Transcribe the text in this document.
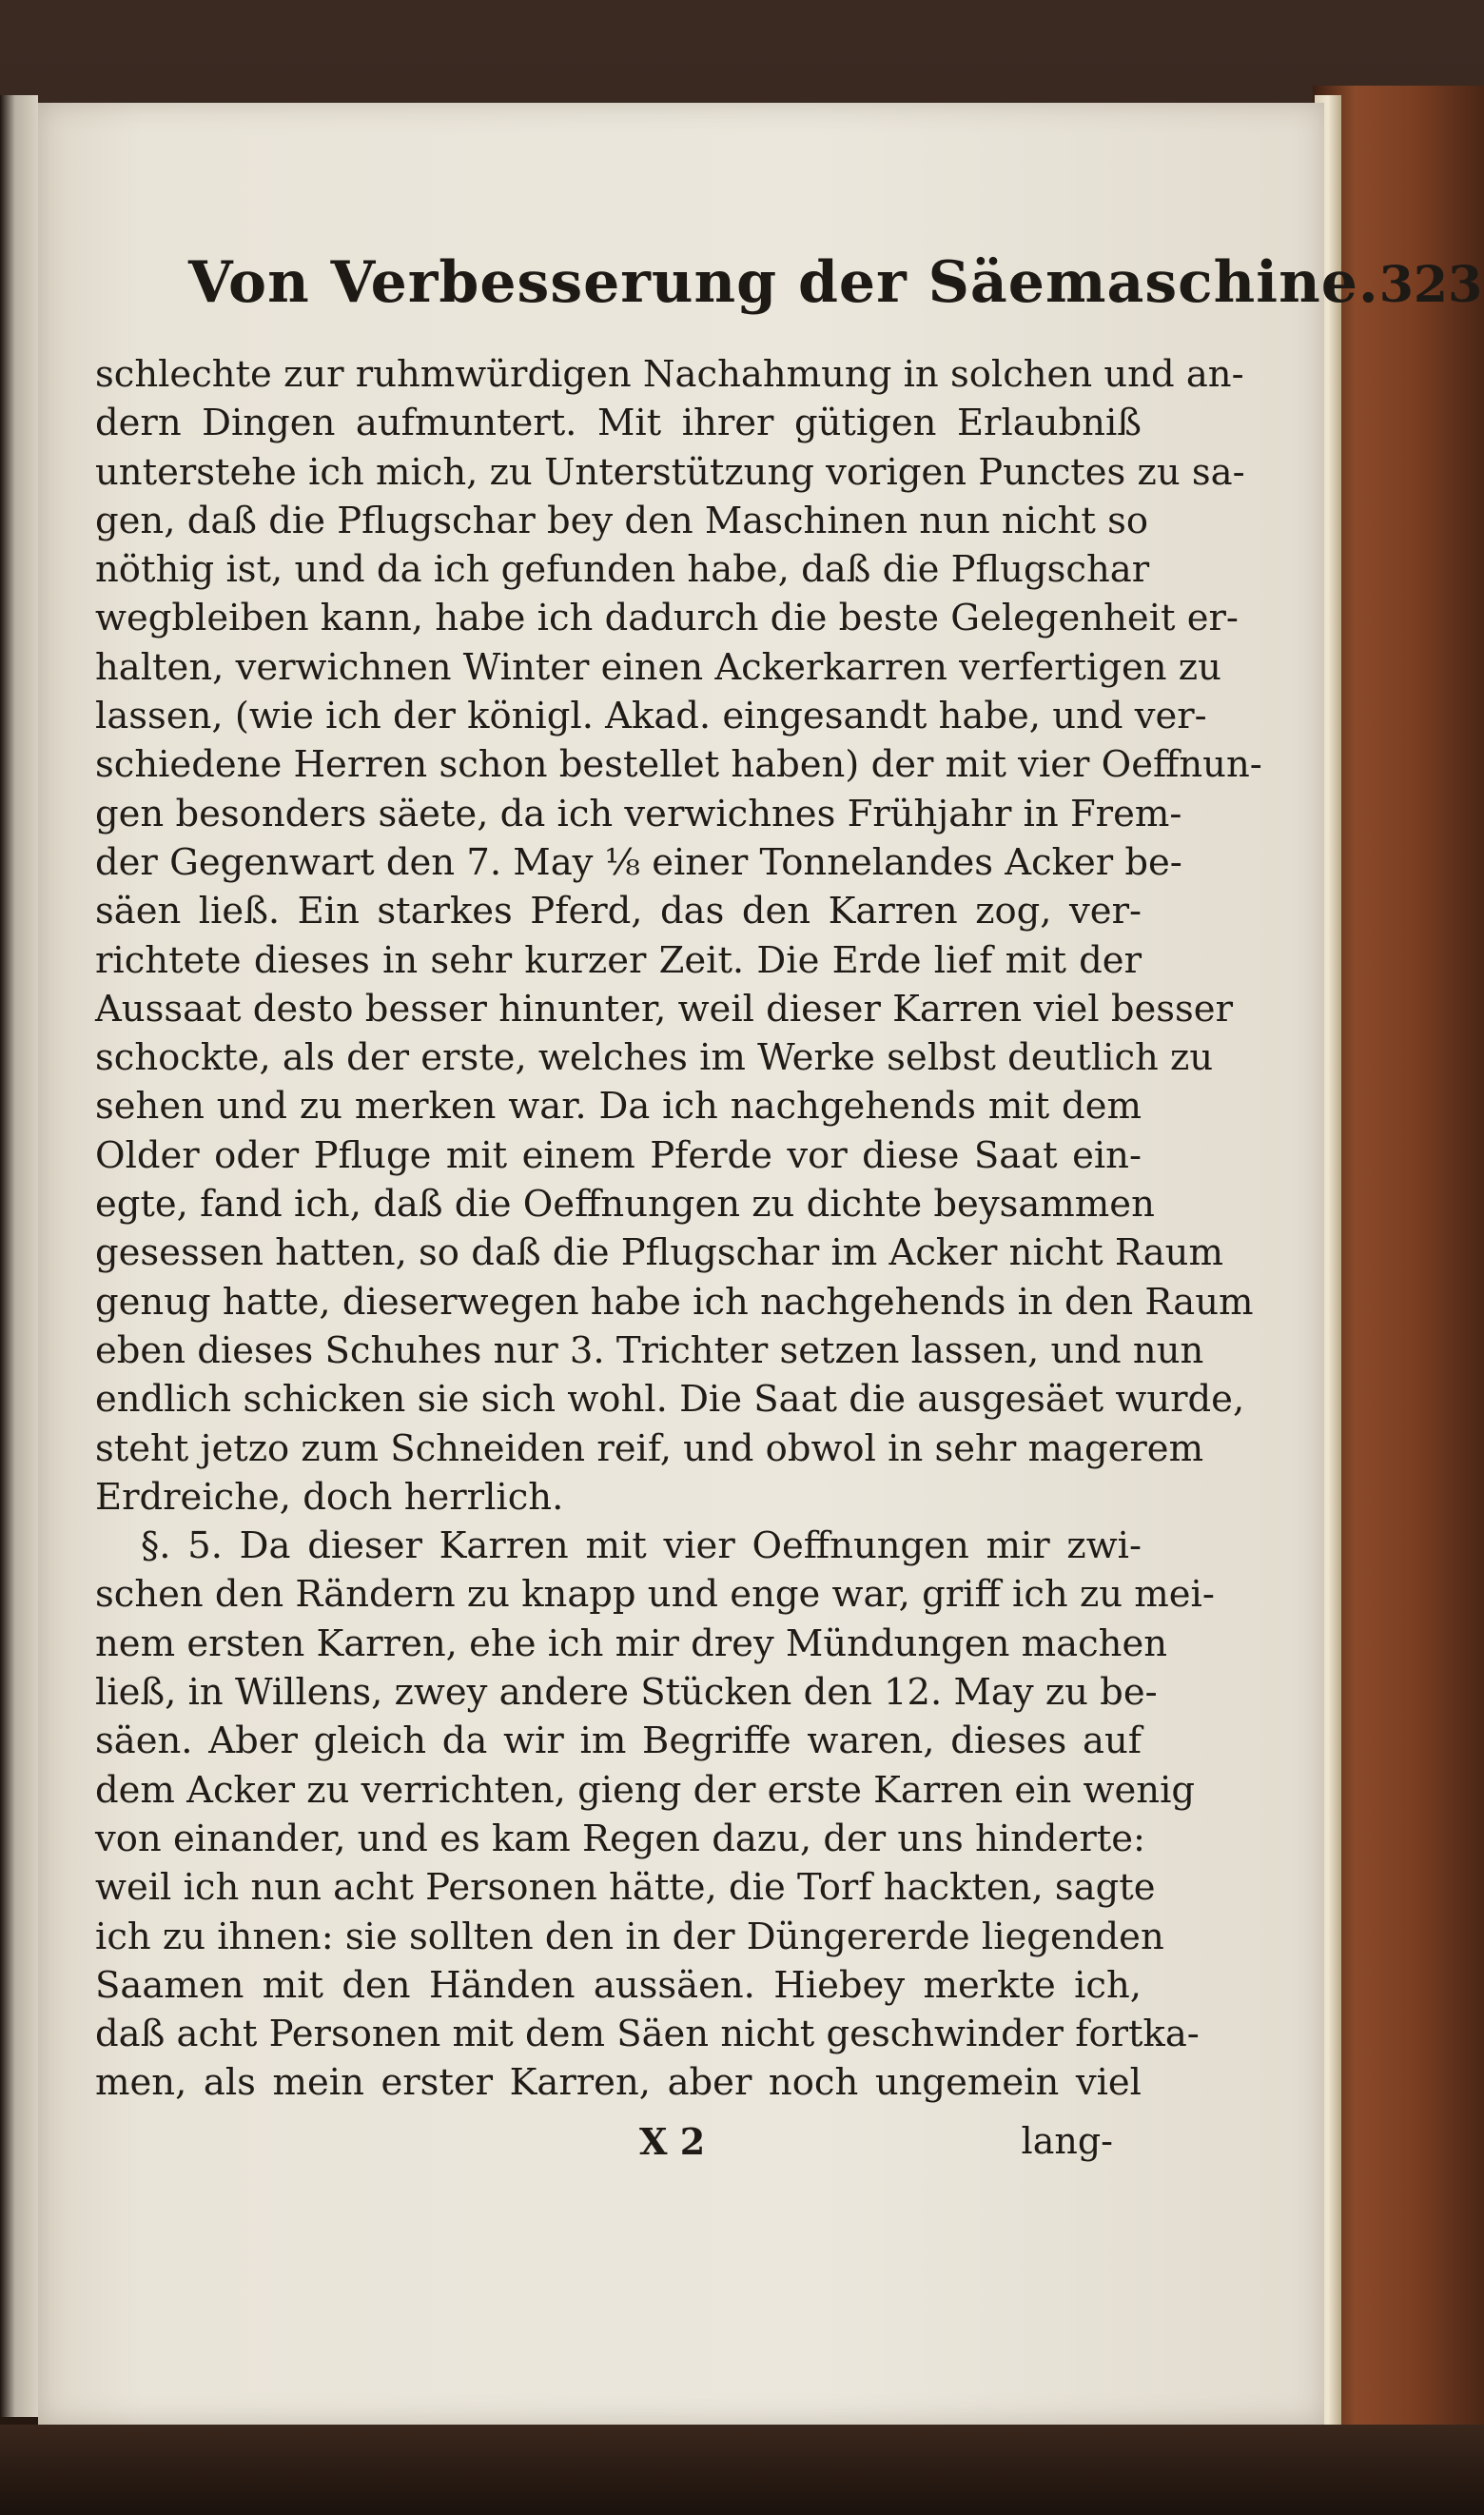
Von Verbesserung der Säemaschine. 323
schlechte zur ruhmwürdigen Nachahmung in solchen und an-
dern Dingen aufmuntert. Mit ihrer gütigen Erlaubniß
unterstehe ich mich, zu Unterstützung vorigen Punctes zu sa-
gen, daß die Pflugschar bey den Maschinen nun nicht so
nöthig ist, und da ich gefunden habe, daß die Pflugschar
wegbleiben kann, habe ich dadurch die beste Gelegenheit er-
halten, verwichnen Winter einen Ackerkarren verfertigen zu
lassen, (wie ich der königl. Akad. eingesandt habe, und ver-
schiedene Herren schon bestellet haben) der mit vier Oeffnun-
gen besonders säete, da ich verwichnes Frühjahr in Frem-
der Gegenwart den 7. May ⅛ einer Tonnelandes Acker be-
säen ließ. Ein starkes Pferd, das den Karren zog, ver-
richtete dieses in sehr kurzer Zeit. Die Erde lief mit der
Aussaat desto besser hinunter, weil dieser Karren viel besser
schockte, als der erste, welches im Werke selbst deutlich zu
sehen und zu merken war. Da ich nachgehends mit dem
Older oder Pfluge mit einem Pferde vor diese Saat ein-
egte, fand ich, daß die Oeffnungen zu dichte beysammen
gesessen hatten, so daß die Pflugschar im Acker nicht Raum
genug hatte, dieserwegen habe ich nachgehends in den Raum
eben dieses Schuhes nur 3. Trichter setzen lassen, und nun
endlich schicken sie sich wohl. Die Saat die ausgesäet wurde,
steht jetzo zum Schneiden reif, und obwol in sehr magerem
Erdreiche, doch herrlich.
§. 5. Da dieser Karren mit vier Oeffnungen mir zwi-
schen den Rändern zu knapp und enge war, griff ich zu mei-
nem ersten Karren, ehe ich mir drey Mündungen machen
ließ, in Willens, zwey andere Stücken den 12. May zu be-
säen. Aber gleich da wir im Begriffe waren, dieses auf
dem Acker zu verrichten, gieng der erste Karren ein wenig
von einander, und es kam Regen dazu, der uns hinderte:
weil ich nun acht Personen hätte, die Torf hackten, sagte
ich zu ihnen: sie sollten den in der Düngererde liegenden
Saamen mit den Händen aussäen. Hiebey merkte ich,
daß acht Personen mit dem Säen nicht geschwinder fortka-
men, als mein erster Karren, aber noch ungemein viel
X 2	lang-
